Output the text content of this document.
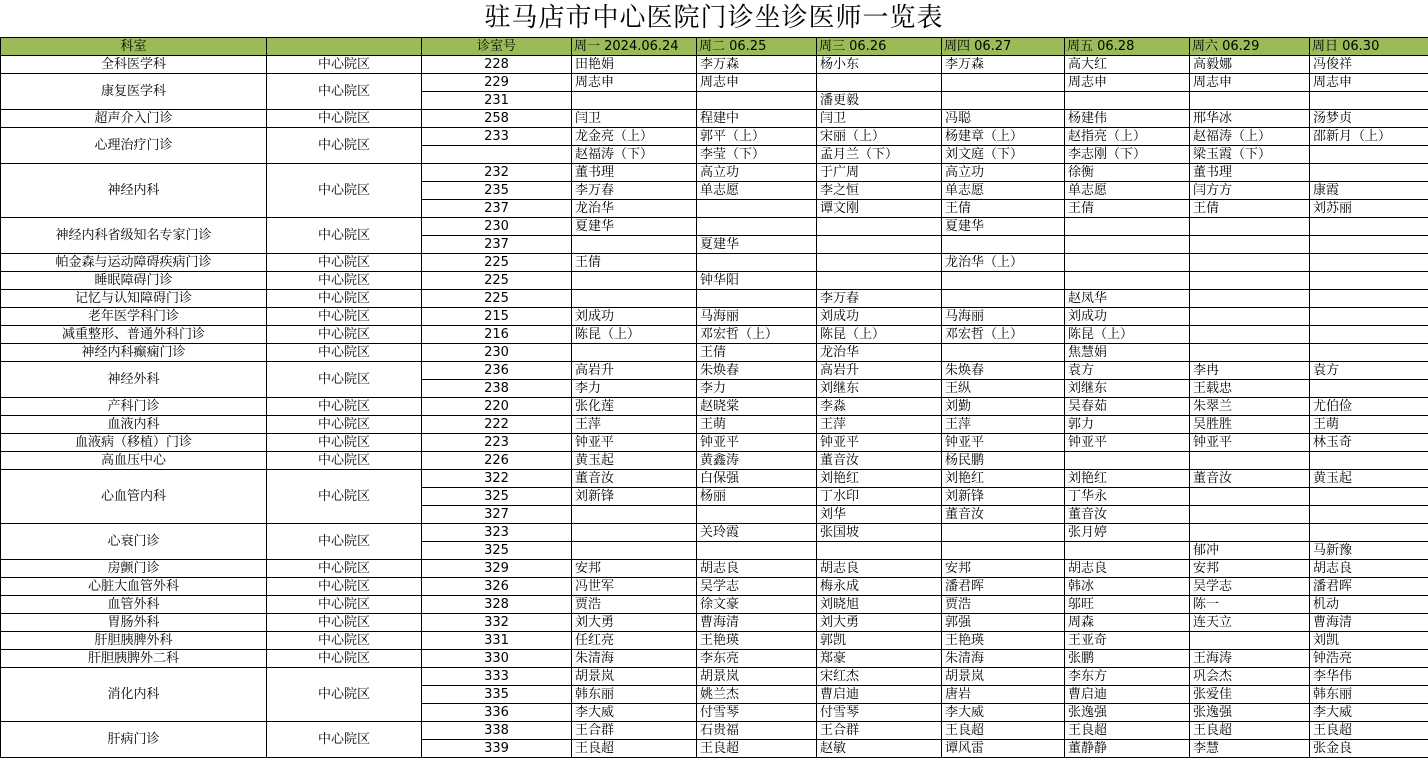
驻马店市中心医院门诊坐诊医师一览表
科室		诊室号	周一 2024.06.24	周二 06.25	周三 06.26	周四 06.27	周五 06.28	周六 06.29	周日 06.30
全科医学科	中心院区	228	田艳娟	李万森	杨小东	李万森	高大红	高毅娜	冯俊祥
康复医学科	中心院区	229	周志申	周志申			周志申	周志申	周志申
		231			潘更毅				
超声介入门诊	中心院区	258	闫卫	程建中	闫卫	冯聪	杨建伟	邢华冰	汤梦贞
心理治疗门诊	中心院区	233	龙金亮（上）	郭平（上）	宋丽（上）	杨建章（上）	赵指亮（上）	赵福涛（上）	邵新月（上）
			赵福涛（下）	李莹（下）	孟月兰（下）	刘文庭（下）	李志刚（下）	梁玉霞（下）	
神经内科	中心院区	232	董书理	高立功	于广周	高立功	徐衡	董书理	
		235	李万春	单志愿	李之恒	单志愿	单志愿	闫方方	康霞
		237	龙治华		谭文刚	王倩	王倩	王倩	刘苏丽
神经内科省级知名专家门诊	中心院区	230	夏建华			夏建华			
		237		夏建华					
帕金森与运动障碍疾病门诊	中心院区	225	王倩			龙治华（上）			
睡眠障碍门诊	中心院区	225		钟华阳					
记忆与认知障碍门诊	中心院区	225			李万春		赵凤华		
老年医学科门诊	中心院区	215	刘成功	马海丽	刘成功	马海丽	刘成功		
减重整形、普通外科门诊	中心院区	216	陈昆（上）	邓宏哲（上）	陈昆（上）	邓宏哲（上）	陈昆（上）		
神经内科癫痫门诊	中心院区	230		王倩	龙治华		焦慧娟		
神经外科	中心院区	236	高岩升	朱焕春	高岩升	朱焕春	袁方	李冉	袁方
		238	李力	李力	刘继东	王纵	刘继东	王载忠	
产科门诊	中心院区	220	张化莲	赵晓棠	李淼	刘勤	吴春茹	朱翠兰	尤伯俭
血液内科	中心院区	222	王萍	王萌	王萍	王萍	郭力	吴胜胜	王萌
血液病（移植）门诊	中心院区	223	钟亚平	钟亚平	钟亚平	钟亚平	钟亚平	钟亚平	林玉奇
高血压中心	中心院区	226	黄玉起	黄鑫涛	董音汝	杨民鹏			
心血管内科	中心院区	322	董音汝	白保强	刘艳红	刘艳红	刘艳红	董音汝	黄玉起
		325	刘新锋	杨丽	丁水印	刘新锋	丁华永		
		327			刘华	董音汝	董音汝		
心衰门诊	中心院区	323		关玲霞	张国坡		张月婷		
		325						郁冲	马新豫
房颤门诊	中心院区	329	安邦	胡志良	胡志良	安邦	胡志良	安邦	胡志良
心脏大血管外科	中心院区	326	冯世军	吴学志	梅永成	潘君晖	韩冰	吴学志	潘君晖
血管外科	中心院区	328	贾浩	徐文豪	刘晓旭	贾浩	邬旺	陈一	机动
胃肠外科	中心院区	332	刘大勇	曹海清	刘大勇	郭强	周森	连天立	曹海清
肝胆胰脾外科	中心院区	331	任红亮	王艳瑛	郭凯	王艳瑛	王亚奇		刘凯
肝胆胰脾外二科	中心院区	330	朱清海	李东亮	郑豪	朱清海	张鹏	王海涛	钟浩亮
消化内科	中心院区	333	胡景岚	胡景岚	宋红杰	胡景岚	李东方	巩会杰	李华伟
		335	韩东丽	姚兰杰	曹启迪	唐岩	曹启迪	张爱佳	韩东丽
		336	李大威	付雪琴	付雪琴	李大威	张逸强	张逸强	李大威
肝病门诊	中心院区	338	王合群	石贵福	王合群	王良超	王良超	王良超	王良超
		339	王良超	王良超	赵敏	谭风雷	董静静	李慧	张金良
